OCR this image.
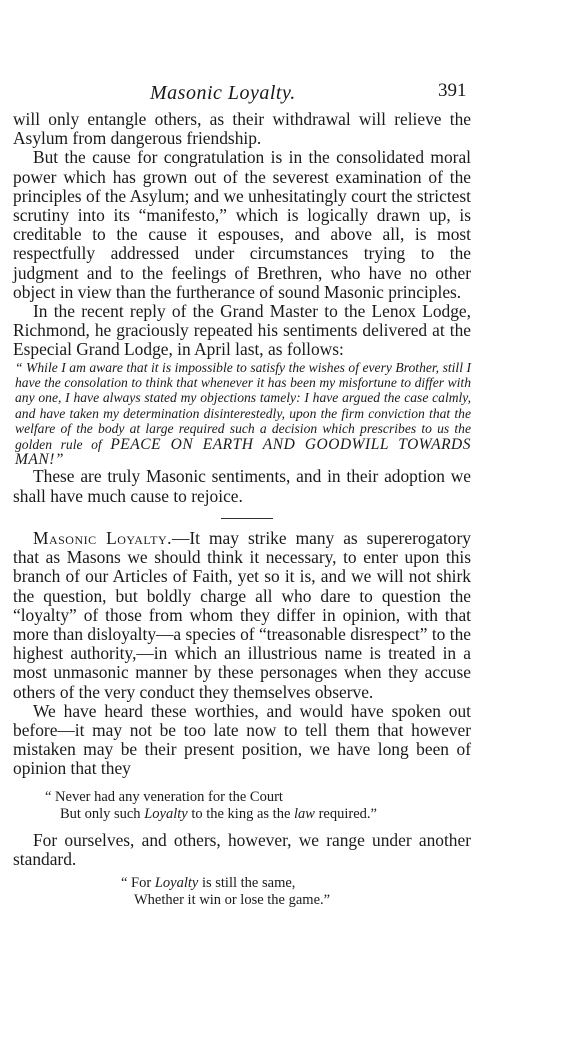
Masonic Loyalty.	391

will only entangle others, as their withdrawal will relieve the Asylum from dangerous friendship.

But the cause for congratulation is in the consolidated moral power which has grown out of the severest examination of the principles of the Asylum; and we unhesitatingly court the strictest scrutiny into its “manifesto,” which is logically drawn up, is creditable to the cause it espouses, and above all, is most respectfully addressed under circumstances trying to the judgment and to the feelings of Brethren, who have no other object in view than the furtherance of sound Masonic principles.

In the recent reply of the Grand Master to the Lenox Lodge, Richmond, he graciously repeated his sentiments delivered at the Especial Grand Lodge, in April last, as follows:

“ While I am aware that it is impossible to satisfy the wishes of every Brother, still I have the consolation to think that whenever it has been my misfortune to differ with any one, I have always stated my objections tamely: I have argued the case calmly, and have taken my determination disinterestedly, upon the firm conviction that the welfare of the body at large required such a decision which prescribes to us the golden rule of PEACE ON EARTH AND GOODWILL TOWARDS MAN!”

These are truly Masonic sentiments, and in their adoption we shall have much cause to rejoice.

Masonic Loyalty.—It may strike many as supererogatory that as Masons we should think it necessary, to enter upon this branch of our Articles of Faith, yet so it is, and we will not shirk the question, but boldly charge all who dare to question the “loyalty” of those from whom they differ in opinion, with that more than disloyalty—a species of “treasonable disrespect” to the highest authority,—in which an illustrious name is treated in a most unmasonic manner by these personages when they accuse others of the very conduct they themselves observe.

We have heard these worthies, and would have spoken out before—it may not be too late now to tell them that however mistaken may be their present position, we have long been of opinion that they

“ Never had any veneration for the Court
But only such Loyalty to the king as the law required.”

For ourselves, and others, however, we range under another standard.

“ For Loyalty is still the same,
Whether it win or lose the game.”
